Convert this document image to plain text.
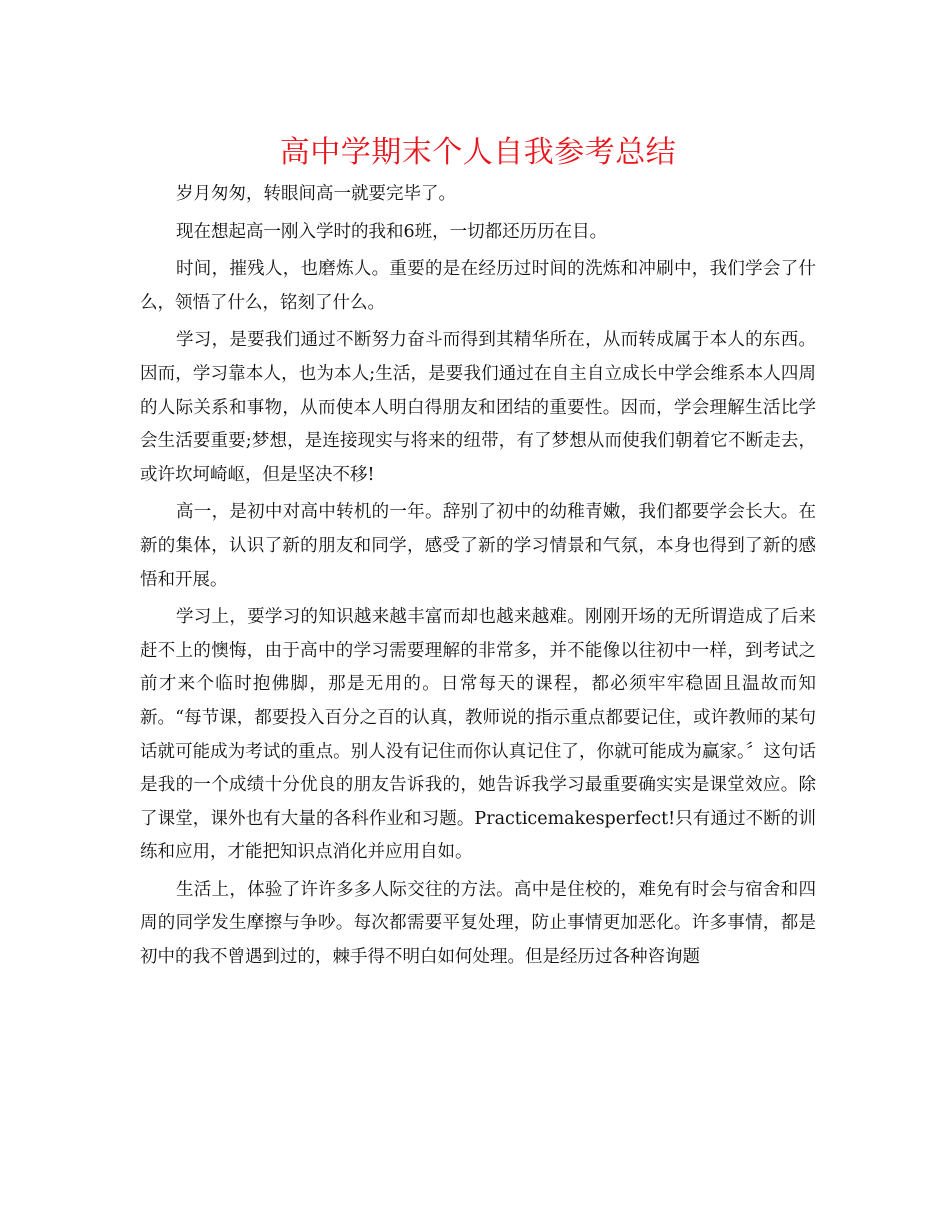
高中学期末个人自我参考总结

岁月匆匆，转眼间高一就要完毕了。

现在想起高一刚入学时的我和6班，一切都还历历在目。

时间，摧残人，也磨炼人。重要的是在经历过时间的洗炼和冲刷中，我们学会了什么，领悟了什么，铭刻了什么。

学习，是要我们通过不断努力奋斗而得到其精华所在，从而转成属于本人的东西。因而，学习靠本人，也为本人;生活，是要我们通过在自主自立成长中学会维系本人四周的人际关系和事物，从而使本人明白得朋友和团结的重要性。因而，学会理解生活比学会生活要重要;梦想，是连接现实与将来的纽带，有了梦想从而使我们朝着它不断走去，或许坎坷崎岖，但是坚决不移!

高一，是初中对高中转机的一年。辞别了初中的幼稚青嫩，我们都要学会长大。在新的集体，认识了新的朋友和同学，感受了新的学习情景和气氛，本身也得到了新的感悟和开展。

学习上，要学习的知识越来越丰富而却也越来越难。刚刚开场的无所谓造成了后来赶不上的懊悔，由于高中的学习需要理解的非常多，并不能像以往初中一样，到考试之前才来个临时抱佛脚，那是无用的。日常每天的课程，都必须牢牢稳固且温故而知新。“每节课，都要投入百分之百的认真，教师说的指示重点都要记住，或许教师的某句话就可能成为考试的重点。别人没有记住而你认真记住了，你就可能成为赢家。〞这句话是我的一个成绩十分优良的朋友告诉我的，她告诉我学习最重要确实实是课堂效应。除了课堂，课外也有大量的各科作业和习题。Practicemakesperfect!只有通过不断的训练和应用，才能把知识点消化并应用自如。

生活上，体验了许许多多人际交往的方法。高中是住校的，难免有时会与宿舍和四周的同学发生摩擦与争吵。每次都需要平复处理，防止事情更加恶化。许多事情，都是初中的我不曾遇到过的，棘手得不明白如何处理。但是经历过各种咨询题
